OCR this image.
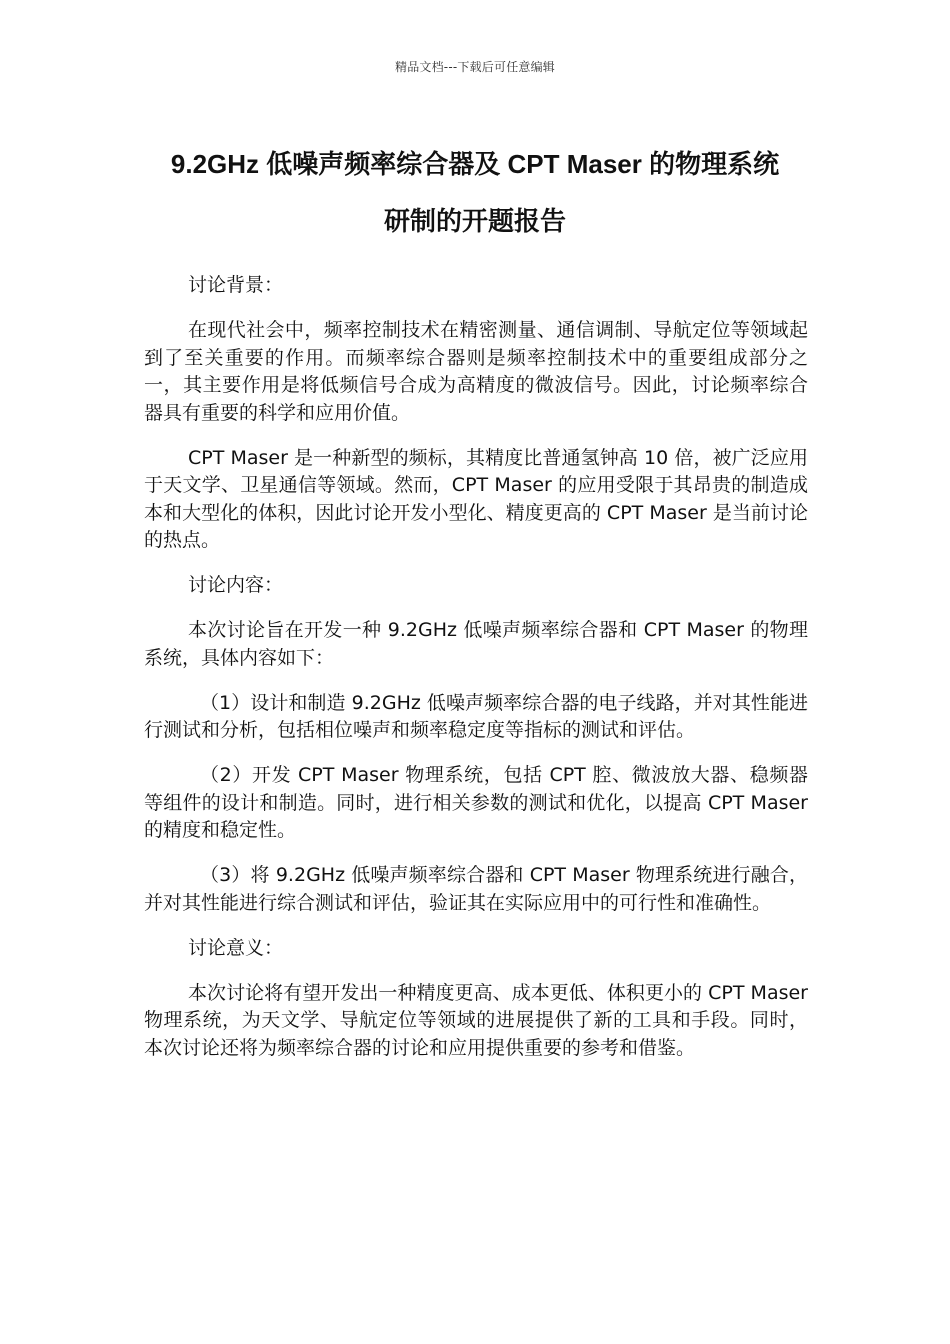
精品文档---下载后可任意编辑
9.2GHz 低噪声频率综合器及 CPT Maser 的物理系统
研制的开题报告

讨论背景：

在现代社会中，频率控制技术在精密测量、通信调制、导航定位等领域起到了至关重要的作用。而频率综合器则是频率控制技术中的重要组成部分之一，其主要作用是将低频信号合成为高精度的微波信号。因此，讨论频率综合器具有重要的科学和应用价值。

CPT Maser 是一种新型的频标，其精度比普通氢钟高 10 倍，被广泛应用于天文学、卫星通信等领域。然而，CPT Maser 的应用受限于其昂贵的制造成本和大型化的体积，因此讨论开发小型化、精度更高的 CPT Maser 是当前讨论的热点。

讨论内容：

本次讨论旨在开发一种 9.2GHz 低噪声频率综合器和 CPT Maser 的物理系统，具体内容如下：

（1）设计和制造 9.2GHz 低噪声频率综合器的电子线路，并对其性能进行测试和分析，包括相位噪声和频率稳定度等指标的测试和评估。

（2）开发 CPT Maser 物理系统，包括 CPT 腔、微波放大器、稳频器等组件的设计和制造。同时，进行相关参数的测试和优化，以提高 CPT Maser 的精度和稳定性。

（3）将 9.2GHz 低噪声频率综合器和 CPT Maser 物理系统进行融合，并对其性能进行综合测试和评估，验证其在实际应用中的可行性和准确性。

讨论意义：

本次讨论将有望开发出一种精度更高、成本更低、体积更小的 CPT Maser 物理系统，为天文学、导航定位等领域的进展提供了新的工具和手段。同时，本次讨论还将为频率综合器的讨论和应用提供重要的参考和借鉴。
